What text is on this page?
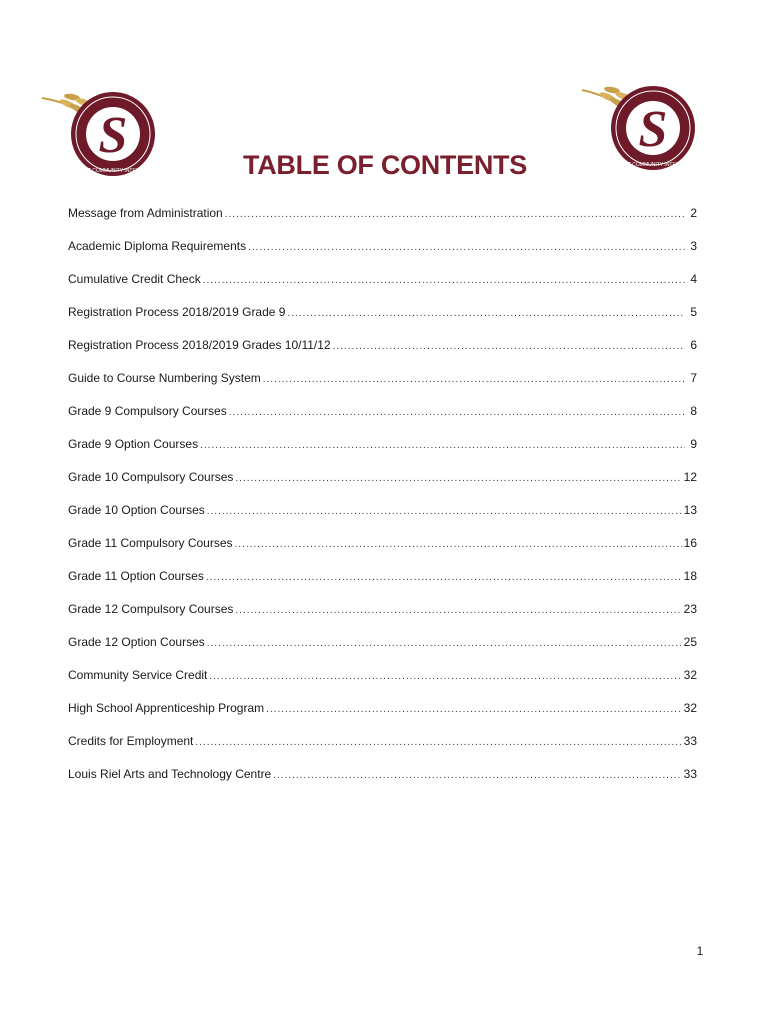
S
SPIRIT COMMUNITY INTEGRITY
S
SPIRIT COMMUNITY INTEGRITY
TABLE OF CONTENTS
Message from Administration .....	2
Academic Diploma Requirements .....	3
Cumulative Credit Check .....	4
Registration Process 2018/2019 Grade 9 .....	5
Registration Process 2018/2019 Grades 10/11/12 .....	6
Guide to Course Numbering System .....	7
Grade 9 Compulsory Courses .....	8
Grade 9 Option Courses .....	9
Grade 10 Compulsory Courses .....	12
Grade 10 Option Courses .....	13
Grade 11 Compulsory Courses .....	16
Grade 11 Option Courses .....	18
Grade 12 Compulsory Courses .....	23
Grade 12 Option Courses .....	25
Community Service Credit .....	32
High School Apprenticeship Program .....	32
Credits for Employment .....	33
Louis Riel Arts and Technology Centre .....	33
1
